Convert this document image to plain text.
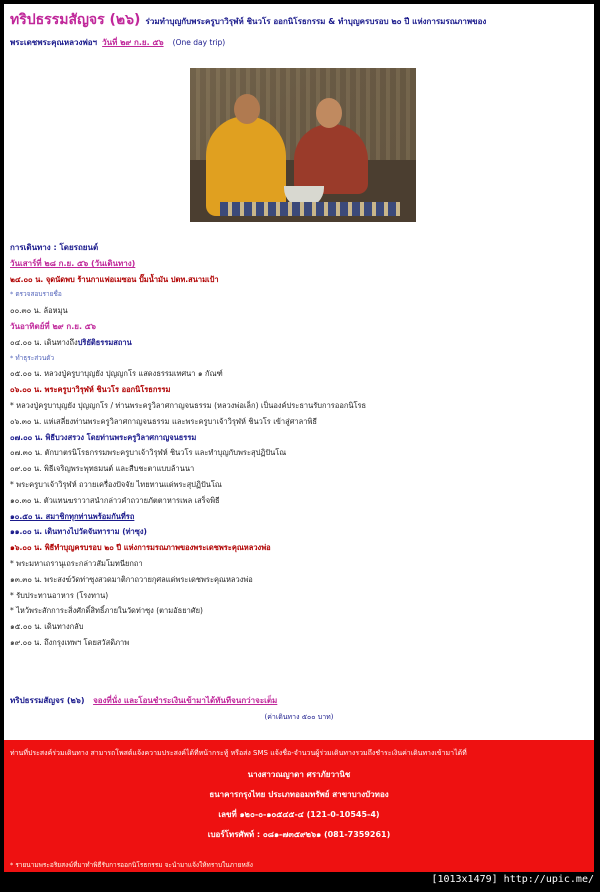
ทริปธรรมสัญจร (๒๖) ร่วมทำบุญกับพระครูบาวิรุฬห์ ชินวโร ออกนิโรธกรรม & ทำบุญครบรอบ ๒๐ ปี แห่งการมรณภาพของ
พระเดชพระคุณหลวงพ่อฯ วันที่ ๒๙ ก.ย. ๕๖ (One day trip)
การเดินทาง : โดยรถยนต์
วันเสาร์ที่ ๒๘ ก.ย. ๕๖ (วันเดินทาง)
๒๔.๐๐ น. จุดนัดพบ ร้านกาแฟอเมซอน ปั๊มน้ำมัน ปตท.สนามเป้า
* ตรวจสอบรายชื่อ
๐๐.๓๐ น. ล้อหมุน
วันอาทิตย์ที่ ๒๙ ก.ย. ๕๖
๐๔.๐๐ น. เดินทางถึงปริยัติธรรมสถาน
* ทำธุระส่วนตัว
๐๕.๐๐ น. หลวงปู่ครูบาบุญยัง ปุญญกโร แสดงธรรมเทศนา ๑ กัณฑ์
๐๖.๐๐ น. พระครูบาวิรุฬห์ ชินวโร ออกนิโรธกรรม
* หลวงปู่ครูบาบุญยัง ปุญญกโร / ท่านพระครูวิลาศกาญจนธรรม (หลวงพ่อเล็ก) เป็นองค์ประธานรับการออกนิโรธ
๐๖.๓๐ น. แห่เสลี่ยงท่านพระครูวิลาศกาญจนธรรม และพระครูบาเจ้าวิรุฬห์ ชินวโร เข้าสู่ศาลาพิธี
๐๗.๐๐ น. พิธีบวงสรวง โดยท่านพระครูวิลาศกาญจนธรรม
๐๗.๓๐ น. ตักบาตรนิโรธกรรมพระครูบาเจ้าวิรุฬห์ ชินวโร และทำบุญกับพระสุปฏิปันโณ
๐๙.๐๐ น. พิธีเจริญพระพุทธมนต์ และสืบชะตาแบบล้านนา
* พระครูบาเจ้าวิรุฬห์ ถวายเครื่องปัจจัย ไทยทานแด่พระสุปฏิปันโณ
๑๐.๓๐ น. ตัวแทนฆราวาสนำกล่าวคำถวายภัตตาหารเพล เสร็จพิธี
๑๐.๕๐ น. สมาชิกทุกท่านพร้อมกันที่รถ
๑๑.๐๐ น. เดินทางไปวัดจันทาราม (ท่าซุง)
๑๖.๐๐ น. พิธีทำบุญครบรอบ ๒๐ ปี แห่งการมรณภาพของพระเดชพระคุณหลวงพ่อ
* พระมหาเถรานุเถระกล่าวสัมโมทนียกถา
๑๓.๓๐ น. พระสงฆ์วัดท่าซุงสวดมาติกาถวายกุศลแด่พระเดชพระคุณหลวงพ่อ
* รับประทานอาหาร (โรงทาน)
* ไหว้พระสักการะสิ่งศักดิ์สิทธิ์ภายในวัดท่าซุง (ตามอัธยาศัย)
๑๕.๐๐ น. เดินทางกลับ
๑๙.๐๐ น. ถึงกรุงเทพฯ โดยสวัสดิภาพ
ทริปธรรมสัญจร (๒๖) จองที่นั่ง และโอนชำระเงินเข้ามาได้ทันทีจนกว่าจะเต็ม
(ค่าเดินทาง ๕๐๐ บาท)
ท่านที่ประสงค์ร่วมเดินทาง สามารถโพสต์แจ้งความประสงค์ได้ที่หน้ากระทู้ หรือส่ง SMS แจ้งชื่อ-จำนวนผู้ร่วมเดินทางรวมถึงชำระเงินค่าเดินทางเข้ามาได้ที่
นางสาวณญาดา ศราภัยวานิช
ธนาคารกรุงไทย ประเภทออมทรัพย์ สาขาบางบัวทอง
เลขที่ ๑๒๐-๐-๑๐๕๔๕-๔ (121-0-10545-4)
เบอร์โทรศัพท์ : ๐๘๑-๗๓๕๙๒๖๑ (081-7359261)
* รายนามพระอริยสงฆ์ที่มาทำพิธีรับการออกนิโรธกรรม จะนำมาแจ้งให้ทราบในภายหลัง
[1013x1479] http://upic.me/
